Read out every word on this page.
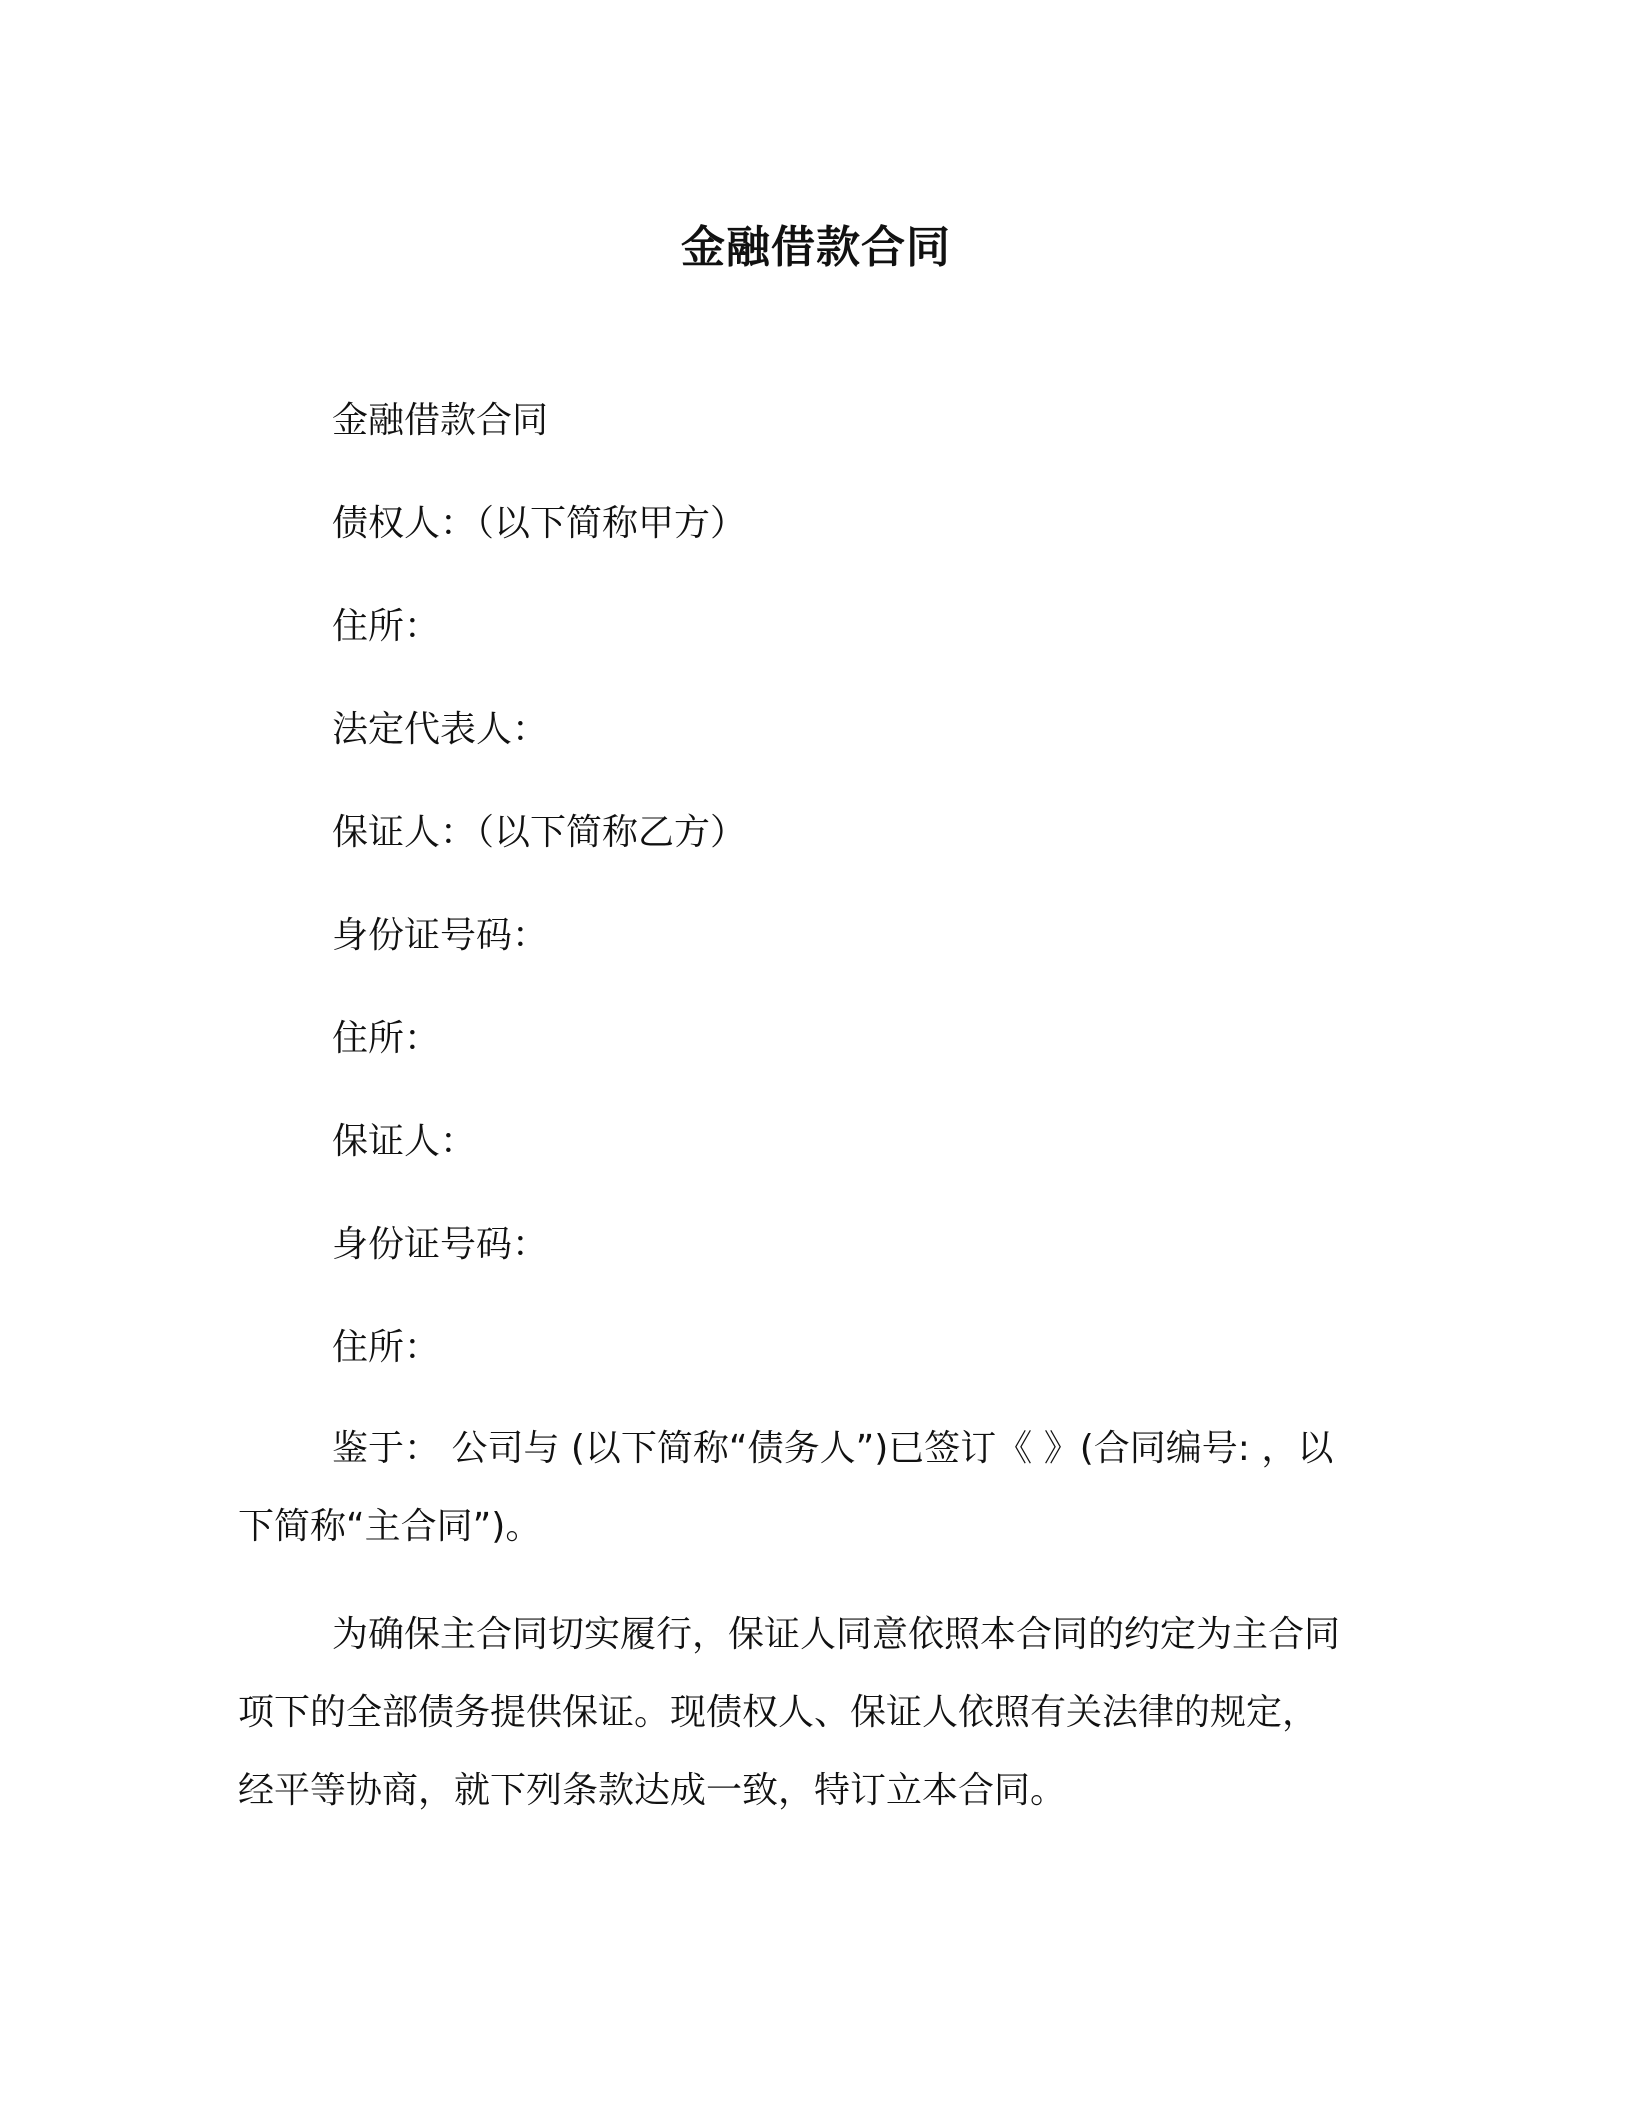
金融借款合同
金融借款合同
债权人：（以下简称甲方）
住所：
法定代表人：
保证人：（以下简称乙方）
身份证号码：
住所：
保证人：
身份证号码：
住所：
鉴于： 公司与 (以下简称“债务人”)已签订《 》(合同编号: ，以
下简称“主合同”)。
为确保主合同切实履行，保证人同意依照本合同的约定为主合同
项下的全部债务提供保证。现债权人、保证人依照有关法律的规定，
经平等协商，就下列条款达成一致，特订立本合同。
